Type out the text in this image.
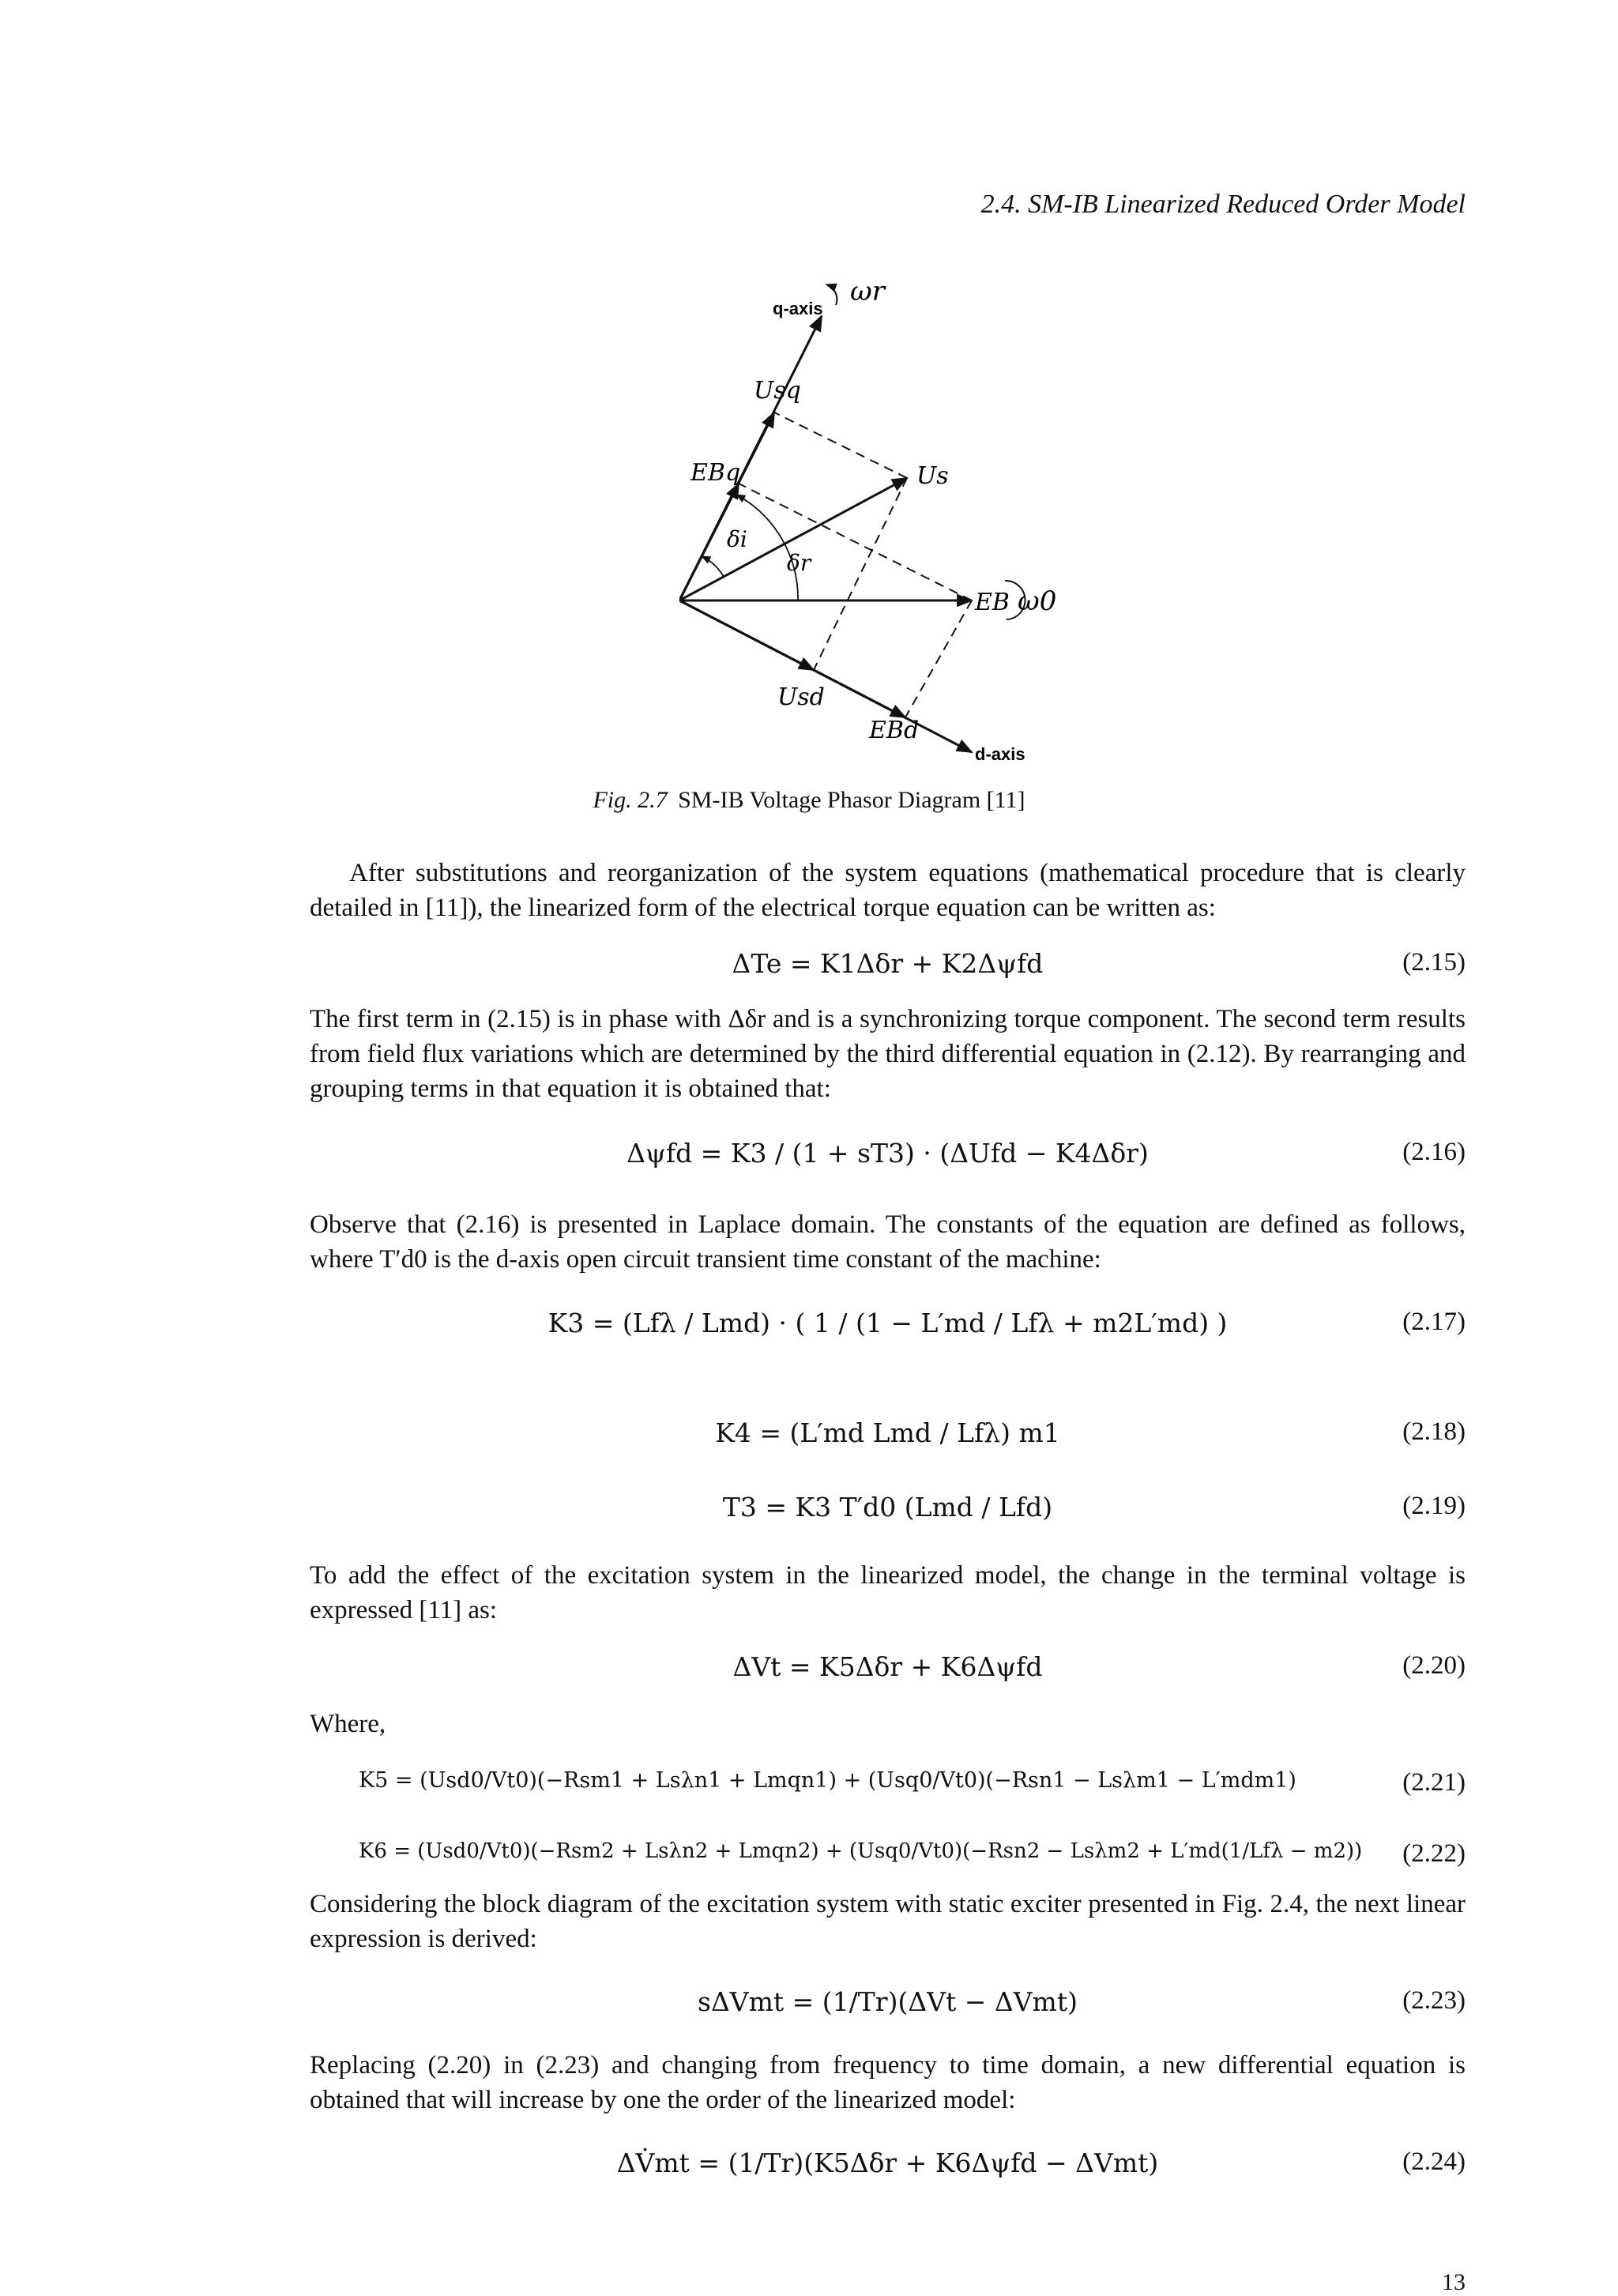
2.4. SM-IB Linearized Reduced Order Model
q-axis
d-axis
ωr
ω0
Usq
Us
EBq
EB
Usd
EBd
δi
δr
Fig. 2.7 SM-IB Voltage Phasor Diagram [11]

After substitutions and reorganization of the system equations (mathematical procedure that is clearly detailed in [11]), the linearized form of the electrical torque equation can be written as:

ΔTe = K1Δδr + K2Δψfd	(2.15)

The first term in (2.15) is in phase with Δδr and is a synchronizing torque component. The second term results from field flux variations which are determined by the third differential equation in (2.12). By rearranging and grouping terms in that equation it is obtained that:

Δψfd = K3 / (1 + sT3) · (ΔUfd − K4Δδr)	(2.16)

Observe that (2.16) is presented in Laplace domain. The constants of the equation are defined as follows, where T′d0 is the d-axis open circuit transient time constant of the machine:

K3 = (Lfλ / Lmd) · ( 1 / (1 − L′md / Lfλ + m2L′md) )	(2.17)
K4 = (L′md Lmd / Lfλ) m1	(2.18)
T3 = K3 T′d0 (Lmd / Lfd)	(2.19)

To add the effect of the excitation system in the linearized model, the change in the terminal voltage is expressed [11] as:

ΔVt = K5Δδr + K6Δψfd	(2.20)

Where,

K5 = (Usd0/Vt0)(−Rsm1 + Lsλn1 + Lmqn1) + (Usq0/Vt0)(−Rsn1 − Lsλm1 − L′mdm1)	(2.21)
K6 = (Usd0/Vt0)(−Rsm2 + Lsλn2 + Lmqn2) + (Usq0/Vt0)(−Rsn2 − Lsλm2 + L′md(1/Lfλ − m2))	(2.22)

Considering the block diagram of the excitation system with static exciter presented in Fig. 2.4, the next linear expression is derived:

sΔVmt = (1/Tr)(ΔVt − ΔVmt)	(2.23)

Replacing (2.20) in (2.23) and changing from frequency to time domain, a new differential equation is obtained that will increase by one the order of the linearized model:

ΔV̇mt = (1/Tr)(K5Δδr + K6Δψfd − ΔVmt)	(2.24)
13
